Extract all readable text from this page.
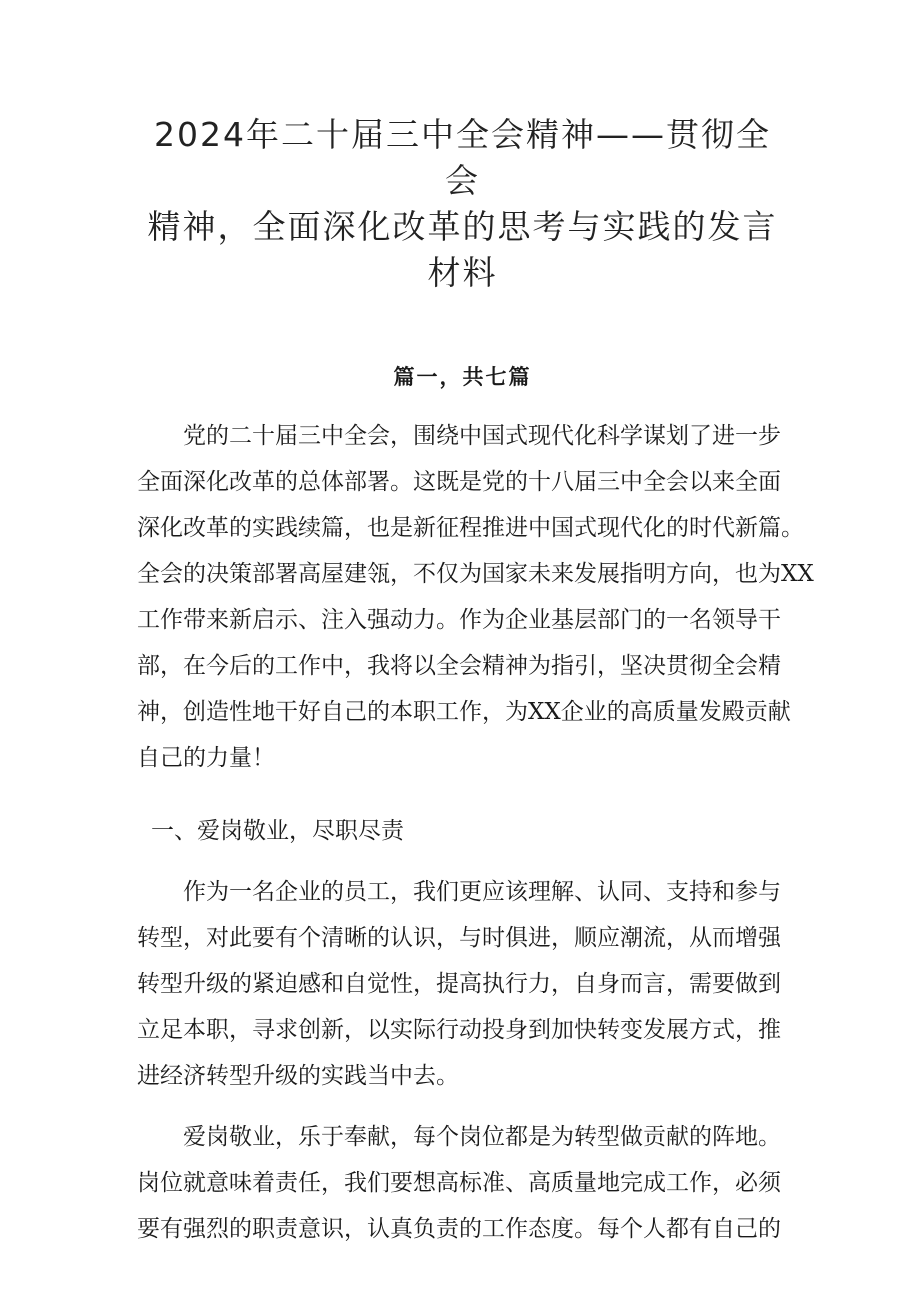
2024年二十届三中全会精神——贯彻全会
精神，全面深化改革的思考与实践的发言
材料
篇一，共七篇

党的二十届三中全会，围绕中国式现代化科学谋划了进一步
全面深化改革的总体部署。这既是党的十八届三中全会以来全面
深化改革的实践续篇，也是新征程推进中国式现代化的时代新篇。
全会的决策部署高屋建瓴，不仅为国家未来发展指明方向，也为XX
工作带来新启示、注入强动力。作为企业基层部门的一名领导干
部，在今后的工作中，我将以全会精神为指引，坚决贯彻全会精
神，创造性地干好自己的本职工作，为XX企业的高质量发殿贡献
自己的力量！

一、爱岗敬业，尽职尽责

作为一名企业的员工，我们更应该理解、认同、支持和参与
转型，对此要有个清晰的认识，与时俱进，顺应潮流，从而增强
转型升级的紧迫感和自觉性，提高执行力，自身而言，需要做到
立足本职，寻求创新，以实际行动投身到加快转变发展方式，推
进经济转型升级的实践当中去。

爱岗敬业，乐于奉献，每个岗位都是为转型做贡献的阵地。
岗位就意味着责任，我们要想高标准、高质量地完成工作，必须
要有强烈的职责意识，认真负责的工作态度。每个人都有自己的
